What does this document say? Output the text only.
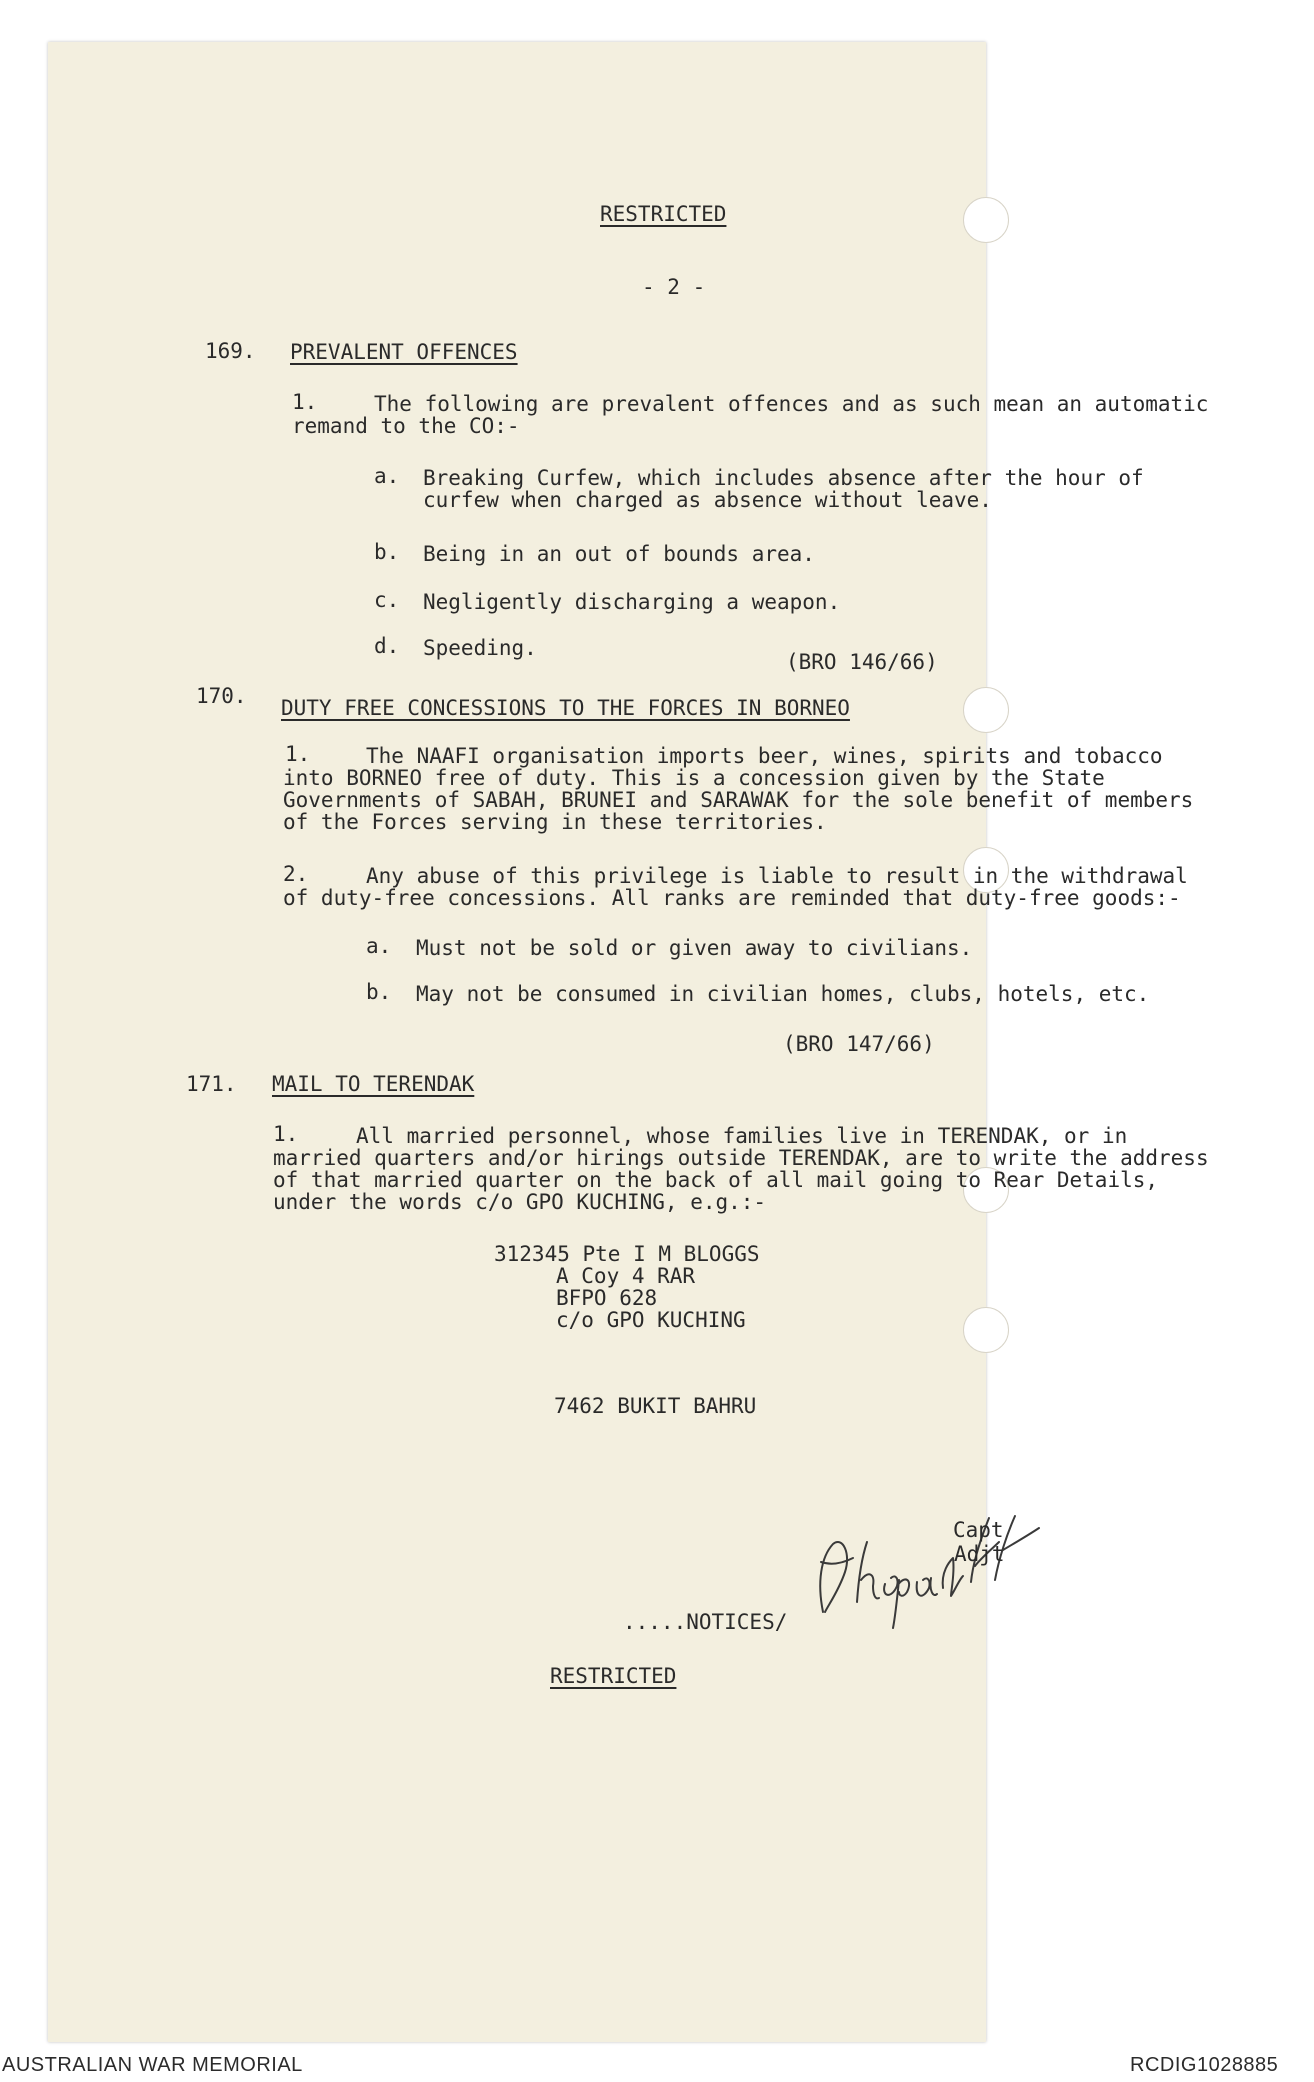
RESTRICTED
- 2 -
169. PREVALENT OFFENCES
1.	The following are prevalent offences and as such mean an automatic
remand to the CO:-
a. Breaking Curfew, which includes absence after the hour of
curfew when charged as absence without leave.
b. Being in an out of bounds area.
c. Negligently discharging a weapon.
d. Speeding.
(BRO 146/66)
170. DUTY FREE CONCESSIONS TO THE FORCES IN BORNEO
1.	The NAAFI organisation imports beer, wines, spirits and tobacco
into BORNEO free of duty. This is a concession given by the State
Governments of SABAH, BRUNEI and SARAWAK for the sole benefit of members
of the Forces serving in these territories.
2.	Any abuse of this privilege is liable to result in the withdrawal
of duty-free concessions. All ranks are reminded that duty-free goods:-
a. Must not be sold or given away to civilians.
b. May not be consumed in civilian homes, clubs, hotels, etc.
(BRO 147/66)
171. MAIL TO TERENDAK
1.	All married personnel, whose families live in TERENDAK, or in
married quarters and/or hirings outside TERENDAK, are to write the address
of that married quarter on the back of all mail going to Rear Details,
under the words c/o GPO KUCHING, e.g.:-
312345 Pte I M BLOGGS
A Coy 4 RAR
BFPO 628
c/o GPO KUCHING
7462 BUKIT BAHRU
Capt
Adjt
.....NOTICES/
RESTRICTED
AUSTRALIAN WAR MEMORIAL	RCDIG1028885
